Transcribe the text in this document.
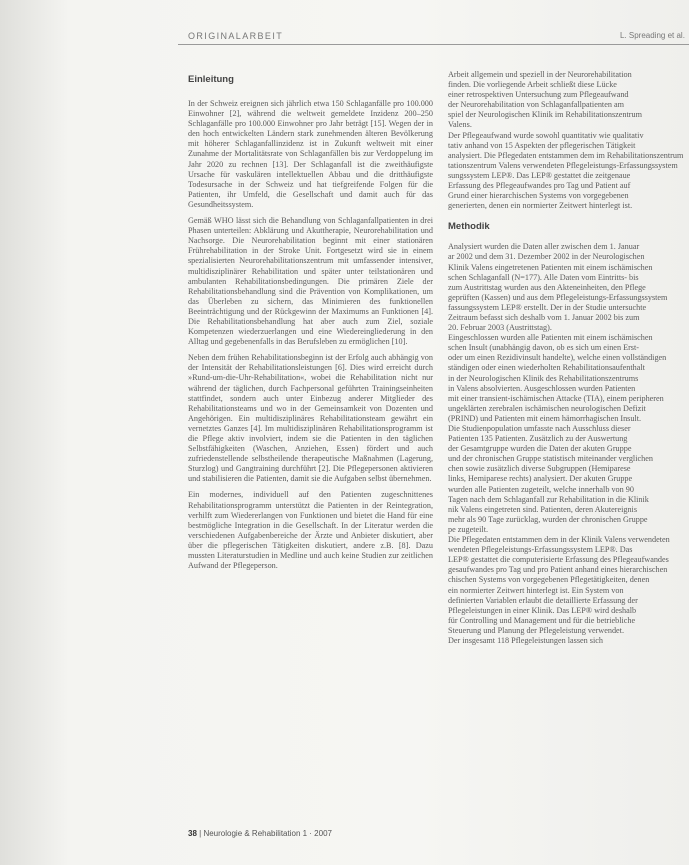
ORIGINALARBEIT	L. Spreading et al.
Einleitung

In der Schweiz ereignen sich jährlich etwa 150 Schlaganfälle pro 100.000 Einwohner [2], während die weltweit gemeldete Inzidenz 200–250 Schlaganfälle pro 100.000 Einwohner pro Jahr beträgt [15]. Wegen der in den hoch entwickelten Ländern stark zunehmenden älteren Bevölkerung mit höherer Schlaganfallinzidenz ist in Zukunft weltweit mit einer Zunahme der Mortalitätsrate von Schlaganfällen bis zur Verdoppelung im Jahr 2020 zu rechnen [13]. Der Schlaganfall ist die zweithäufigste Ursache für vaskulären intellektuellen Abbau und die dritthäufigste Todesursache in der Schweiz und hat tiefgreifende Folgen für die Patienten, ihr Umfeld, die Gesellschaft und damit auch für das Gesundheitssystem.

Gemäß WHO lässt sich die Behandlung von Schlaganfallpatienten in drei Phasen unterteilen: Abklärung und Akuttherapie, Neurorehabilitation und Nachsorge. Die Neurorehabilitation beginnt mit einer stationären Frührehabilitation in der Stroke Unit. Fortgesetzt wird sie in einem spezialisierten Neurorehabilitationszentrum mit umfassender intensiver, multidisziplinärer Rehabilitation und später unter teilstationären und ambulanten Rehabilitationsbedingungen. Die primären Ziele der Rehabilitationsbehandlung sind die Prävention von Komplikationen, um das Überleben zu sichern, das Minimieren des funktionellen Beeinträchtigung und der Rückgewinn der Maximums an Funktionen [4]. Die Rehabilitationsbehandlung hat aber auch zum Ziel, soziale Kompetenzen wiederzuerlangen und eine Wiedereingliederung in den Alltag und gegebenenfalls in das Berufsleben zu ermöglichen [10].

Neben dem frühen Rehabilitationsbeginn ist der Erfolg auch abhängig von der Intensität der Rehabilitationsleistungen [6]. Dies wird erreicht durch »Rund-um-die-Uhr-Rehabilitation«, wobei die Rehabilitation nicht nur während der täglichen, durch Fachpersonal geführten Trainingseinheiten stattfindet, sondern auch unter Einbezug anderer Mitglieder des Rehabilitationsteams und wo in der Gemeinsamkeit von Dozenten und Angehörigen. Ein multidisziplinäres Rehabilitationsteam gewährt ein vernetztes Ganzes [4]. Im multidisziplinären Rehabilitationsprogramm ist die Pflege aktiv involviert, indem sie die Patienten in den täglichen Selbstfähigkeiten (Waschen, Anziehen, Essen) fördert und auch zufriedenstellende selbstheilende therapeutische Maßnahmen (Lagerung, Sturzlog) und Gangtraining durchführt [2]. Die Pflegepersonen aktivieren und stabilisieren die Patienten, damit sie die Aufgaben selbst übernehmen.

Ein modernes, individuell auf den Patienten zugeschnittenes Rehabilitationsprogramm unterstützt die Patienten in der Reintegration, verhilft zum Wiedererlangen von Funktionen und bietet die Hand für eine bestmögliche Integration in die Gesellschaft. In der Literatur werden die verschiedenen Aufgabenbereiche der Ärzte und Anbieter diskutiert, aber über die pflegerischen Tätigkeiten diskutiert, andere z.B. [8]. Dazu mussten Literaturstudien in Medline und auch keine Studien zur zeitlichen Aufwand der Pflegeperson.

Arbeit allgemein und speziell in der Neurorehabilitation

finden. Die vorliegende Arbeit schließt diese Lücke

einer retrospektiven Untersuchung zum Pflegeaufwand

der Neurorehabilitation von Schlaganfallpatienten am

spiel der Neurologischen Klinik im Rehabilitationszentrum

Valens.

Der Pflegeaufwand wurde sowohl quantitativ wie qualitativ

tativ anhand von 15 Aspekten der pflegerischen Tätigkeit

analysiert. Die Pflegedaten entstammen dem im Rehabilitationszentrum

tationszentrum Valens verwendeten Pflegeleistungs-Erfassungssystem

sungssystem LEP®. Das LEP® gestattet die zeitgenaue

Erfassung des Pflegeaufwandes pro Tag und Patient auf

Grund einer hierarchischen Systems von vorgegebenen

generierten, denen ein normierter Zeitwert hinterlegt ist.

Methodik

Analysiert wurden die Daten aller zwischen dem 1. Januar

ar 2002 und dem 31. Dezember 2002 in der Neurologischen

Klinik Valens eingetretenen Patienten mit einem ischämischen

schen Schlaganfall (N=177). Alle Daten vom Eintritts- bis

zum Austrittstag wurden aus den Akteneinheiten, den Pflege

geprüften (Kassen) und aus dem Pflegeleistungs-Erfassungssystem

fassungssystem LEP® erstellt. Der in der Studie untersuchte

Zeitraum befasst sich deshalb vom 1. Januar 2002 bis zum

20. Februar 2003 (Austrittstag).

Eingeschlossen wurden alle Patienten mit einem ischämischen

schen Insult (unabhängig davon, ob es sich um einen Erst-

oder um einen Rezidivinsult handelte), welche einen vollständigen

ständigen oder einen wiederholten Rehabilitationsaufenthalt

in der Neurologischen Klinik des Rehabilitationszentrums

in Valens absolvierten. Ausgeschlossen wurden Patienten

mit einer transient-ischämischen Attacke (TIA), einem peripheren

ungeklärten zerebralen ischämischen neurologischen Defizit

(PRIND) und Patienten mit einem hämorrhagischen Insult.

Die Studienpopulation umfasste nach Ausschluss dieser

Patienten 135 Patienten. Zusätzlich zu der Auswertung

der Gesamtgruppe wurden die Daten der akuten Gruppe

und der chronischen Gruppe statistisch miteinander verglichen

chen sowie zusätzlich diverse Subgruppen (Hemiparese

links, Hemiparese rechts) analysiert. Der akuten Gruppe

wurden alle Patienten zugeteilt, welche innerhalb von 90

Tagen nach dem Schlaganfall zur Rehabilitation in die Klinik

nik Valens eingetreten sind. Patienten, deren Akutereignis

mehr als 90 Tage zurücklag, wurden der chronischen Gruppe

pe zugeteilt.

Die Pflegedaten entstammen dem in der Klinik Valens verwendeten

wendeten Pflegeleistungs-Erfassungssystem LEP®. Das

LEP® gestattet die computerisierte Erfassung des Pflegeaufwandes

gesaufwandes pro Tag und pro Patient anhand eines hierarchischen

chischen Systems von vorgegebenen Pflegetätigkeiten, denen

ein normierter Zeitwert hinterlegt ist. Ein System von

definierten Variablen erlaubt die detaillierte Erfassung der

Pflegeleistungen in einer Klinik. Das LEP® wird deshalb

für Controlling und Management und für die betriebliche

Steuerung und Planung der Pflegeleistung verwendet.

Der insgesamt 118 Pflegeleistungen lassen sich

38 | Neurologie & Rehabilitation 1 · 2007
